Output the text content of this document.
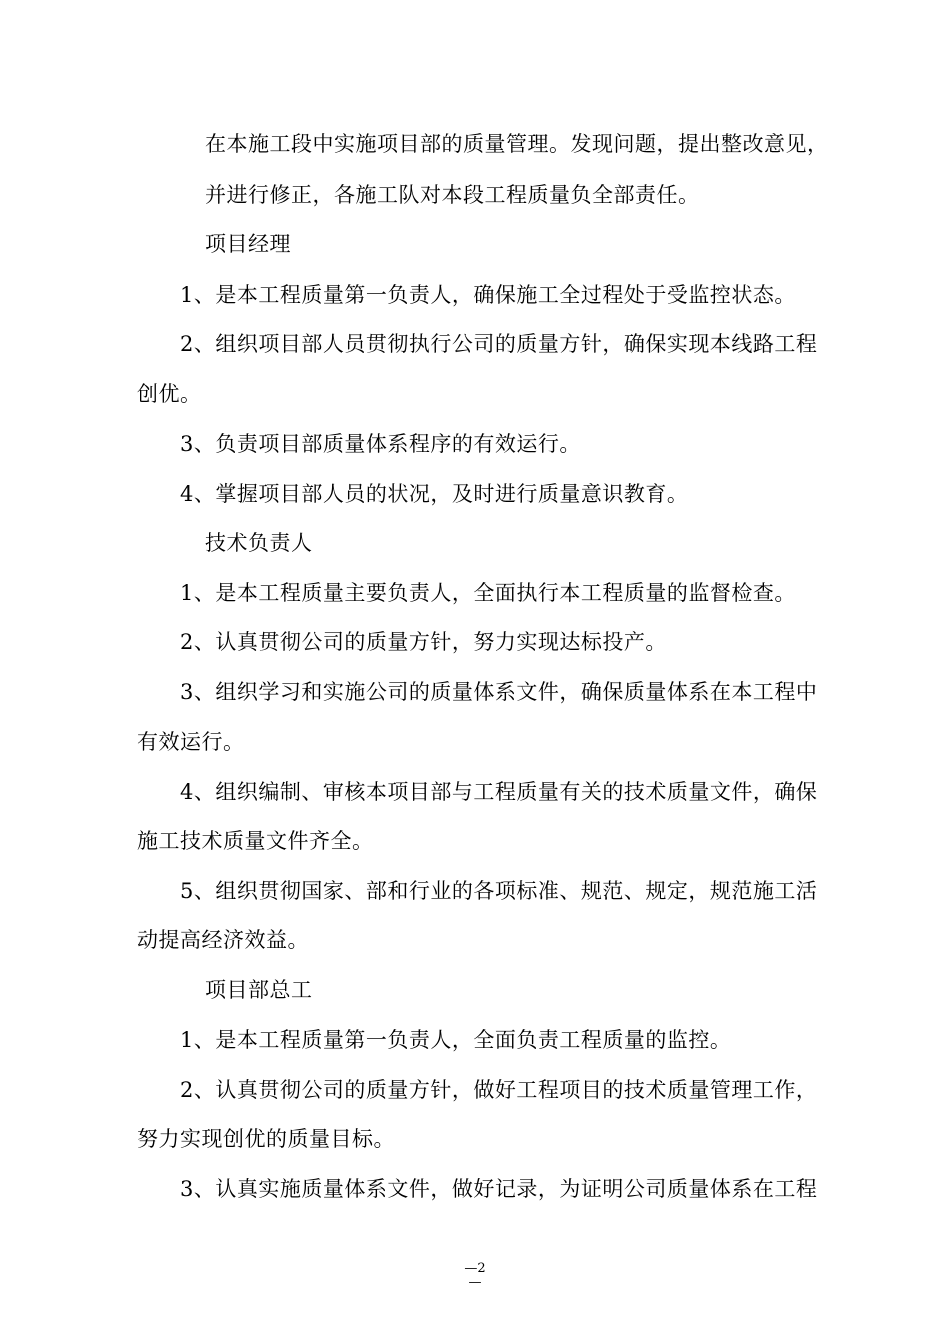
在本施工段中实施项目部的质量管理。发现问题，提出整改意见，
并进行修正，各施工队对本段工程质量负全部责任。
项目经理
1、是本工程质量第一负责人，确保施工全过程处于受监控状态。
2、组织项目部人员贯彻执行公司的质量方针，确保实现本线路工程
创优。
3、负责项目部质量体系程序的有效运行。
4、掌握项目部人员的状况，及时进行质量意识教育。
技术负责人
1、是本工程质量主要负责人，全面执行本工程质量的监督检查。
2、认真贯彻公司的质量方针，努力实现达标投产。
3、组织学习和实施公司的质量体系文件，确保质量体系在本工程中
有效运行。
4、组织编制、审核本项目部与工程质量有关的技术质量文件，确保
施工技术质量文件齐全。
5、组织贯彻国家、部和行业的各项标准、规范、规定，规范施工活
动提高经济效益。
项目部总工
1、是本工程质量第一负责人，全面负责工程质量的监控。
2、认真贯彻公司的质量方针，做好工程项目的技术质量管理工作，
努力实现创优的质量目标。
3、认真实施质量体系文件，做好记录，为证明公司质量体系在工程
—2
—
